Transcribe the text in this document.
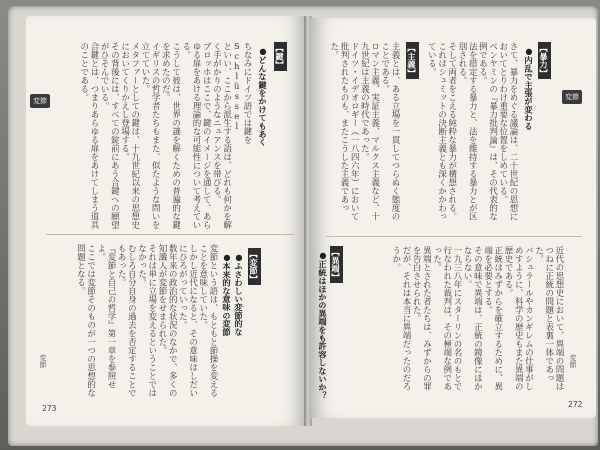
変節
【鍵】
●どんな鍵をかけてもあく
ちなみにドイツ語では鍵をSchlüssel
といい、ここから派生する語は、どれも何かを解く手がかりのようなニュアンスを帯びる。
ブロッホはここで、鍵のイメージを通して、あらゆる扉をあける理論的な可能性について考えている。
こうして彼は、世界の謎を解くための普遍的な鍵を求めたのだ。
イギリスの哲学者たちもまた、似たような問いを立てていた。
メタファーとしての鍵は、十九世紀以来の思想史においてくりかえし登場する。
その背後には、すべての錠前にあう合鍵への願望がひそんでいる。
合鍵とは、つまりあらゆる扉をあけてしまう道具のことである。
【変節】
●ふさわしい変節的な
●本来的な意味の変節
変節という語は、もともと節操を変えることを意味していた。
しかし近代になると、その意味はしだいにひろがっていった。
数年来の政治的な状況のなかで、多くの知識人が変節をせまられた。
それは単に立場を変えるということではなかった。
むしろ自分自身の過去を否定することでもあった。
『変節と自己の哲学』第一章を参照せよ。
ここでは変節そのものが一つの思想的な問題となる。
変節
273
変節
【暴力】
●内乱で主張が変わる
さて、暴力をめぐる議論は、二十世紀の思想においてとりわけ重要な位置をしめている。
ベンヤミンの『暴力批判論』は、その代表的な例である。
法を措定する暴力と、法を維持する暴力とが区別される。
そして両者をこえる純粋な暴力が構想される。
これはシュミットの決断主義とも深くかかわっている。
【主義】
主義とは、ある立場を一貫してつらぬく態度のことである。
ロマン主義、実証主義、マルクス主義など、十九世紀は主義の時代であった。
ドイツ・イデオロギー（一八四六年）において批判されたものも、またこうした主義であった。
【異端】
●正統はほかの異端をも許容しないか？	近代の思想史において、異端の問題はつねに正統の問題と表裏一体であった。
バシュラールやカンギレムの仕事がしめすように、科学の歴史もまた異端の歴史である。
正統はみずからを確立するために、異端を必要とする。
その意味で異端は、正統の鏡像にほかならない。
一九三八年にスターリンの名のもとで行なわれた裁判は、その極端な例であった。
異端とされた者たちは、みずからの罪を告白させられた。
だが、それは本当に異端だったのだろうか。
変節
272
